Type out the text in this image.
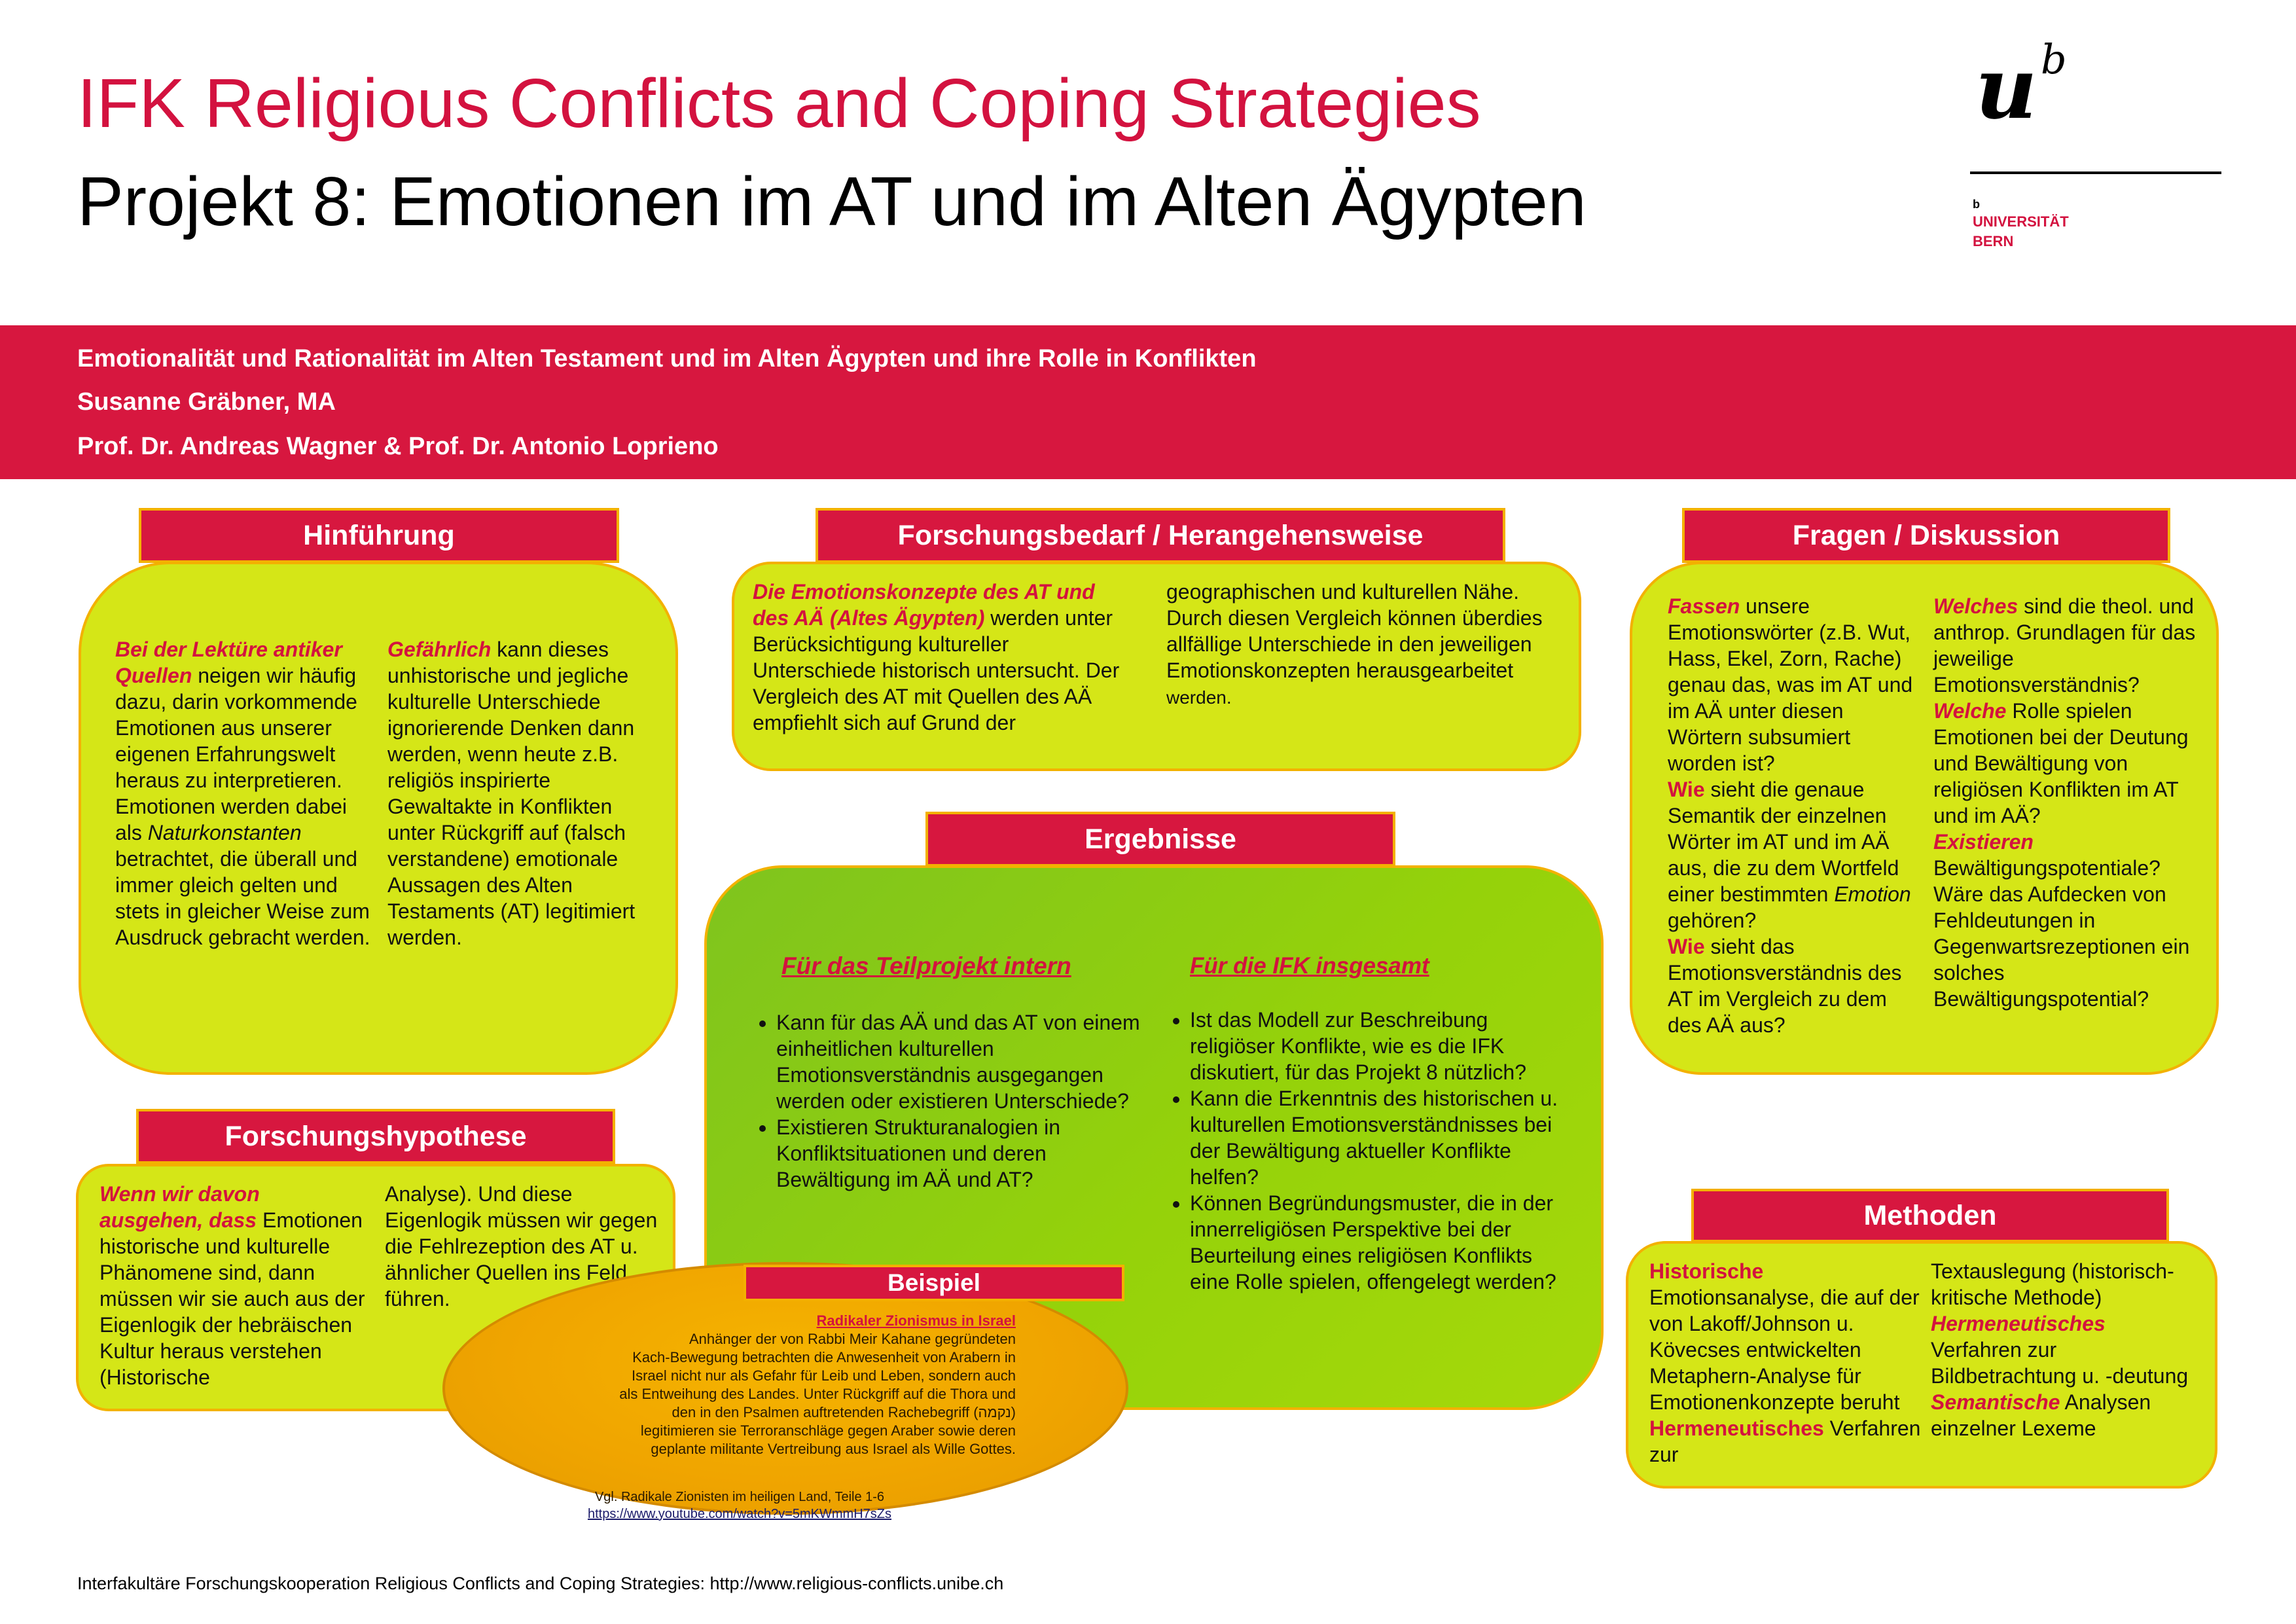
IFK Religious Conflicts and Coping Strategies
Projekt 8: Emotionen im AT und im Alten Ägypten
u b
b
UNIVERSITÄT
BERN
Emotionalität und Rationalität im Alten Testament und im Alten Ägypten und ihre Rolle in Konflikten
Susanne Gräbner, MA
Prof. Dr. Andreas Wagner & Prof. Dr. Antonio Loprieno
Hinführung
Bei der Lektüre antiker Quellen neigen wir häufig dazu, darin vorkommende Emotionen aus unserer eigenen Erfahrungswelt heraus zu interpretieren. Emotionen werden dabei als Naturkonstanten betrachtet, die überall und immer gleich gelten und stets in gleicher Weise zum Ausdruck gebracht werden.
Gefährlich kann dieses unhistorische und jegliche kulturelle Unterschiede ignorierende Denken dann werden, wenn heute z.B. religiös inspirierte Gewaltakte in Konflikten unter Rückgriff auf (falsch verstandene) emotionale Aussagen des Alten Testaments (AT) legitimiert werden.
Forschungsbedarf / Herangehensweise
Die Emotionskonzepte des AT und des AÄ (Altes Ägypten) werden unter Berücksichtigung kultureller Unterschiede historisch untersucht. Der Vergleich des AT mit Quellen des AÄ empfiehlt sich auf Grund der
geographischen und kulturellen Nähe. Durch diesen Vergleich können überdies allfällige Unterschiede in den jeweiligen Emotionskonzepten herausgearbeitet
werden.
Fragen / Diskussion
Fassen unsere Emotionswörter (z.B. Wut, Hass, Ekel, Zorn, Rache) genau das, was im AT und im AÄ unter diesen Wörtern subsumiert worden ist?
Wie sieht die genaue Semantik der einzelnen Wörter im AT und im AÄ aus, die zu dem Wortfeld einer bestimmten Emotion gehören?
Wie sieht das Emotionsverständnis des AT im Vergleich zu dem des AÄ aus?
Welches sind die theol. und anthrop. Grundlagen für das jeweilige Emotionsverständnis?
Welche Rolle spielen Emotionen bei der Deutung und Bewältigung von religiösen Konflikten im AT und im AÄ?
Existieren Bewältigungspotentiale? Wäre das Aufdecken von Fehldeutungen in Gegenwartsrezeptionen ein solches Bewältigungspotential?
Ergebnisse
Für das Teilprojekt intern
• Kann für das AÄ und das AT von einem einheitlichen kulturellen Emotionsverständnis ausgegangen werden oder existieren Unterschiede?
• Existieren Strukturanalogien in Konfliktsituationen und deren Bewältigung im AÄ und AT?
Für die IFK insgesamt
• Ist das Modell zur Beschreibung religiöser Konflikte, wie es die IFK diskutiert, für das Projekt 8 nützlich?
• Kann die Erkenntnis des historischen u. kulturellen Emotionsverständnisses bei der Bewältigung aktueller Konflikte helfen?
• Können Begründungsmuster, die in der innerreligiösen Perspektive bei der Beurteilung eines religiösen Konflikts eine Rolle spielen, offengelegt werden?
Forschungshypothese
Wenn wir davon ausgehen, dass Emotionen historische und kulturelle Phänomene sind, dann müssen wir sie auch aus der Eigenlogik der hebräischen Kultur heraus verstehen (Historische
Analyse). Und diese Eigenlogik müssen wir gegen die Fehlrezeption des AT u. ähnlicher Quellen ins Feld führen.
Beispiel
Radikaler Zionismus in Israel
Anhänger der von Rabbi Meir Kahane gegründeten
Kach-Bewegung betrachten die Anwesenheit von Arabern in
Israel nicht nur als Gefahr für Leib und Leben, sondern auch
als Entweihung des Landes. Unter Rückgriff auf die Thora und
den in den Psalmen auftretenden Rachebegriff (נקמה)
legitimieren sie Terroranschläge gegen Araber sowie deren
geplante militante Vertreibung aus Israel als Wille Gottes.
Vgl. Radikale Zionisten im heiligen Land, Teile 1-6
https://www.youtube.com/watch?v=5mKWmmH7sZs
Methoden
Historische Emotionsanalyse, die auf der von Lakoff/Johnson u. Kövecses entwickelten Metaphern-Analyse für Emotionenkonzepte beruht
Hermeneutisches Verfahren zur
Textauslegung (historisch-kritische Methode)
Hermeneutisches Verfahren zur Bildbetrachtung u. -deutung
Semantische Analysen einzelner Lexeme
Interfakultäre Forschungskooperation Religious Conflicts and Coping Strategies: http://www.religious-conflicts.unibe.ch
